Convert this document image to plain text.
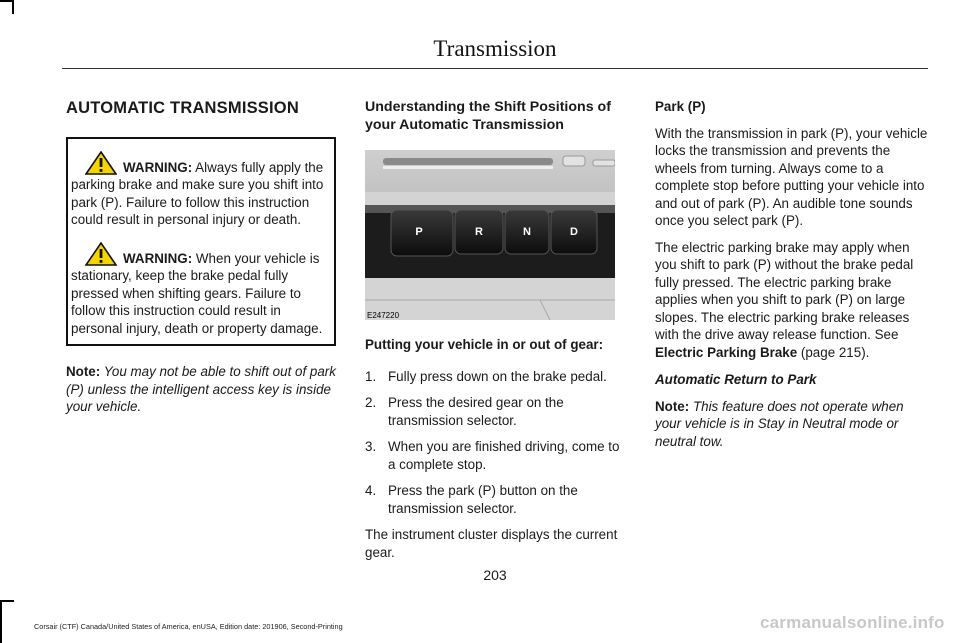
Transmission
AUTOMATIC TRANSMISSION

WARNING: Always fully apply the parking brake and make sure you shift into park (P). Failure to follow this instruction could result in personal injury or death.

WARNING: When your vehicle is stationary, keep the brake pedal fully pressed when shifting gears. Failure to follow this instruction could result in personal injury, death or property damage.

Note: You may not be able to shift out of park (P) unless the intelligent access key is inside your vehicle.

Understanding the Shift Positions of your Automatic Transmission
P	R	N	D
E247220

Putting your vehicle in or out of gear:

1. Fully press down on the brake pedal.
2. Press the desired gear on the transmission selector.
3. When you are finished driving, come to a complete stop.
4. Press the park (P) button on the transmission selector.

The instrument cluster displays the current gear.

Park (P)

With the transmission in park (P), your vehicle locks the transmission and prevents the wheels from turning. Always come to a complete stop before putting your vehicle into and out of park (P). An audible tone sounds once you select park (P).

The electric parking brake may apply when you shift to park (P) without the brake pedal fully pressed. The electric parking brake applies when you shift to park (P) on large slopes. The electric parking brake releases with the drive away release function. See Electric Parking Brake (page 215).

Automatic Return to Park

Note: This feature does not operate when your vehicle is in Stay in Neutral mode or neutral tow.

203
Corsair (CTF) Canada/United States of America, enUSA, Edition date: 201906, Second-Printing	carmanualsonline.info
